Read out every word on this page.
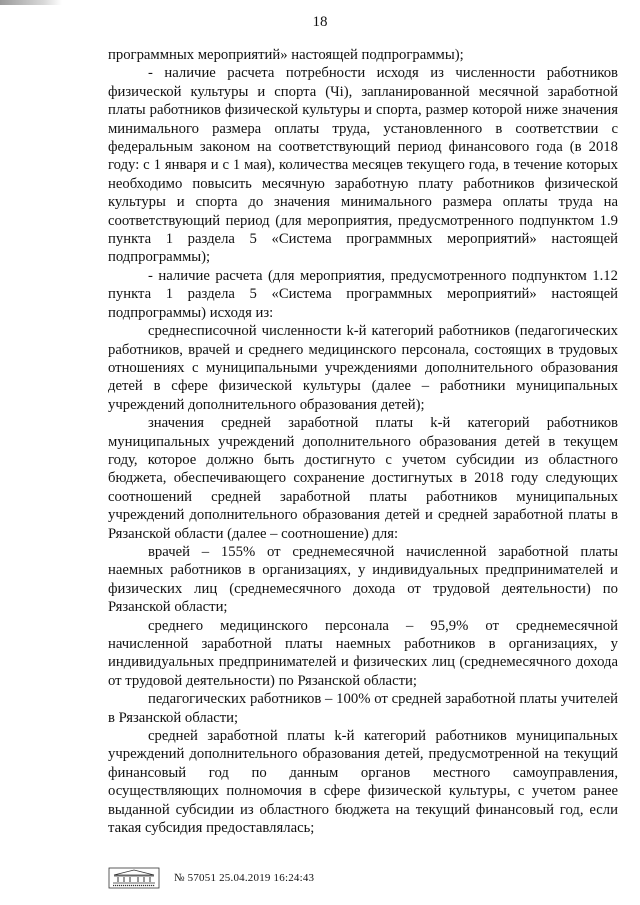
18

программных мероприятий» настоящей подпрограммы);

- наличие расчета потребности исходя из численности работников физической культуры и спорта (Чi), запланированной месячной заработной платы работников физической культуры и спорта, размер которой ниже значения минимального размера оплаты труда, установленного в соответствии с федеральным законом на соответствующий период финансового года (в 2018 году: с 1 января и с 1 мая), количества месяцев текущего года, в течение которых необходимо повысить месячную заработную плату работников физической культуры и спорта до значения минимального размера оплаты труда на соответствующий период (для мероприятия, предусмотренного подпунктом 1.9 пункта 1 раздела 5 «Система программных мероприятий» настоящей подпрограммы);

- наличие расчета (для мероприятия, предусмотренного подпунктом 1.12 пункта 1 раздела 5 «Система программных мероприятий» настоящей подпрограммы) исходя из:

среднесписочной численности k-й категорий работников (педагогических работников, врачей и среднего медицинского персонала, состоящих в трудовых отношениях с муниципальными учреждениями дополнительного образования детей в сфере физической культуры (далее – работники муниципальных учреждений дополнительного образования детей);

значения средней заработной платы k-й категорий работников муниципальных учреждений дополнительного образования детей в текущем году, которое должно быть достигнуто с учетом субсидии из областного бюджета, обеспечивающего сохранение достигнутых в 2018 году следующих соотношений средней заработной платы работников муниципальных учреждений дополнительного образования детей и средней заработной платы в Рязанской области (далее – соотношение) для:

врачей – 155% от среднемесячной начисленной заработной платы наемных работников в организациях, у индивидуальных предпринимателей и физических лиц (среднемесячного дохода от трудовой деятельности) по Рязанской области;

среднего медицинского персонала – 95,9% от среднемесячной начисленной заработной платы наемных работников в организациях, у индивидуальных предпринимателей и физических лиц (среднемесячного дохода от трудовой деятельности) по Рязанской области;

педагогических работников – 100% от средней заработной платы учителей в Рязанской области;

средней заработной платы k-й категорий работников муниципальных учреждений дополнительного образования детей, предусмотренной на текущий финансовый год по данным органов местного самоуправления, осуществляющих полномочия в сфере физической культуры, с учетом ранее выданной субсидии из областного бюджета на текущий финансовый год, если такая субсидия предоставлялась;

№ 57051 25.04.2019 16:24:43
